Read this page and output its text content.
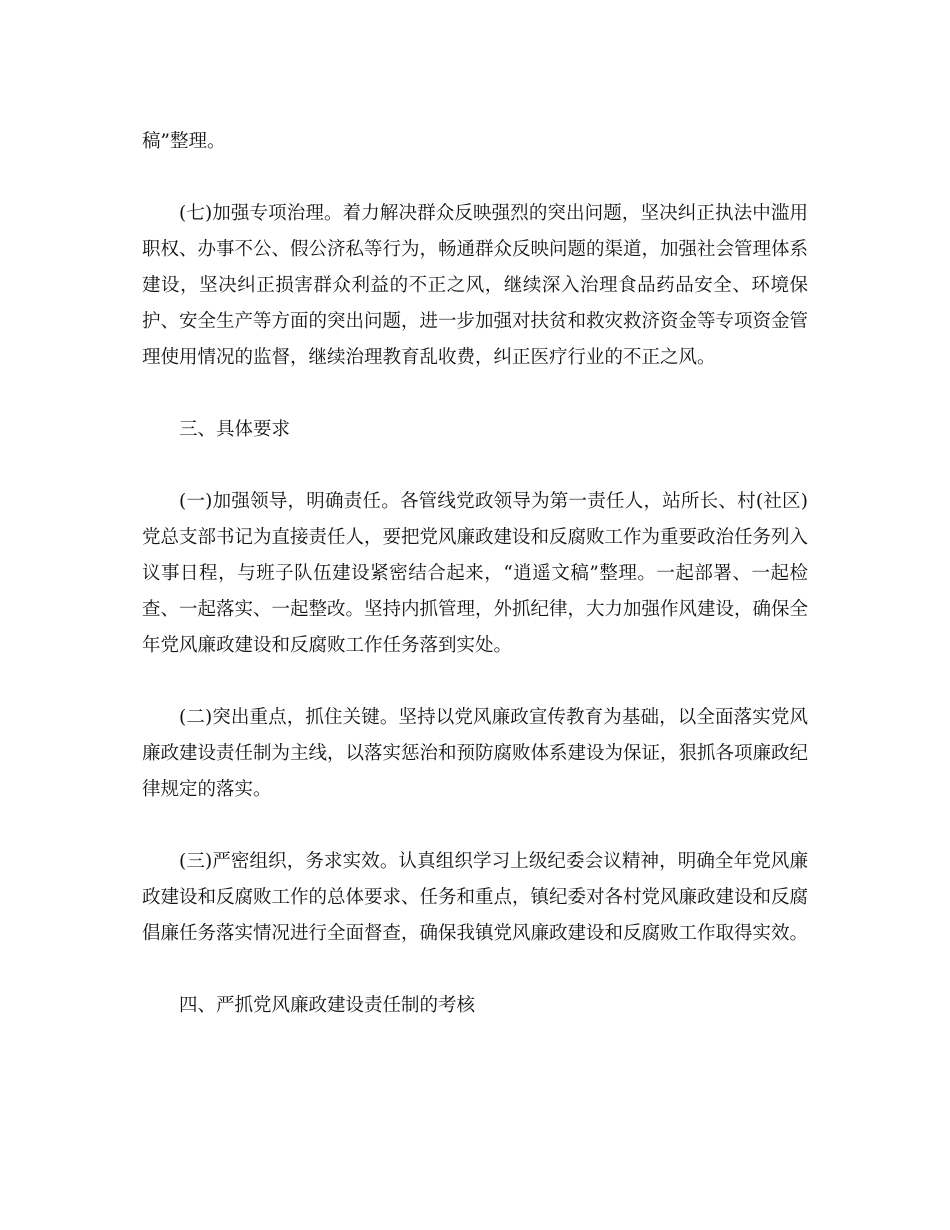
稿”整理。

(七)加强专项治理。着力解决群众反映强烈的突出问题，坚决纠正执法中滥用职权、办事不公、假公济私等行为，畅通群众反映问题的渠道，加强社会管理体系建设，坚决纠正损害群众利益的不正之风，继续深入治理食品药品安全、环境保护、安全生产等方面的突出问题，进一步加强对扶贫和救灾救济资金等专项资金管理使用情况的监督，继续治理教育乱收费，纠正医疗行业的不正之风。

三、具体要求

(一)加强领导，明确责任。各管线党政领导为第一责任人，站所长、村(社区)党总支部书记为直接责任人，要把党风廉政建设和反腐败工作为重要政治任务列入议事日程，与班子队伍建设紧密结合起来，“逍遥文稿”整理。一起部署、一起检查、一起落实、一起整改。坚持内抓管理，外抓纪律，大力加强作风建设，确保全年党风廉政建设和反腐败工作任务落到实处。

(二)突出重点，抓住关键。坚持以党风廉政宣传教育为基础，以全面落实党风廉政建设责任制为主线，以落实惩治和预防腐败体系建设为保证，狠抓各项廉政纪律规定的落实。

(三)严密组织，务求实效。认真组织学习上级纪委会议精神，明确全年党风廉政建设和反腐败工作的总体要求、任务和重点，镇纪委对各村党风廉政建设和反腐倡廉任务落实情况进行全面督查，确保我镇党风廉政建设和反腐败工作取得实效。

四、严抓党风廉政建设责任制的考核
